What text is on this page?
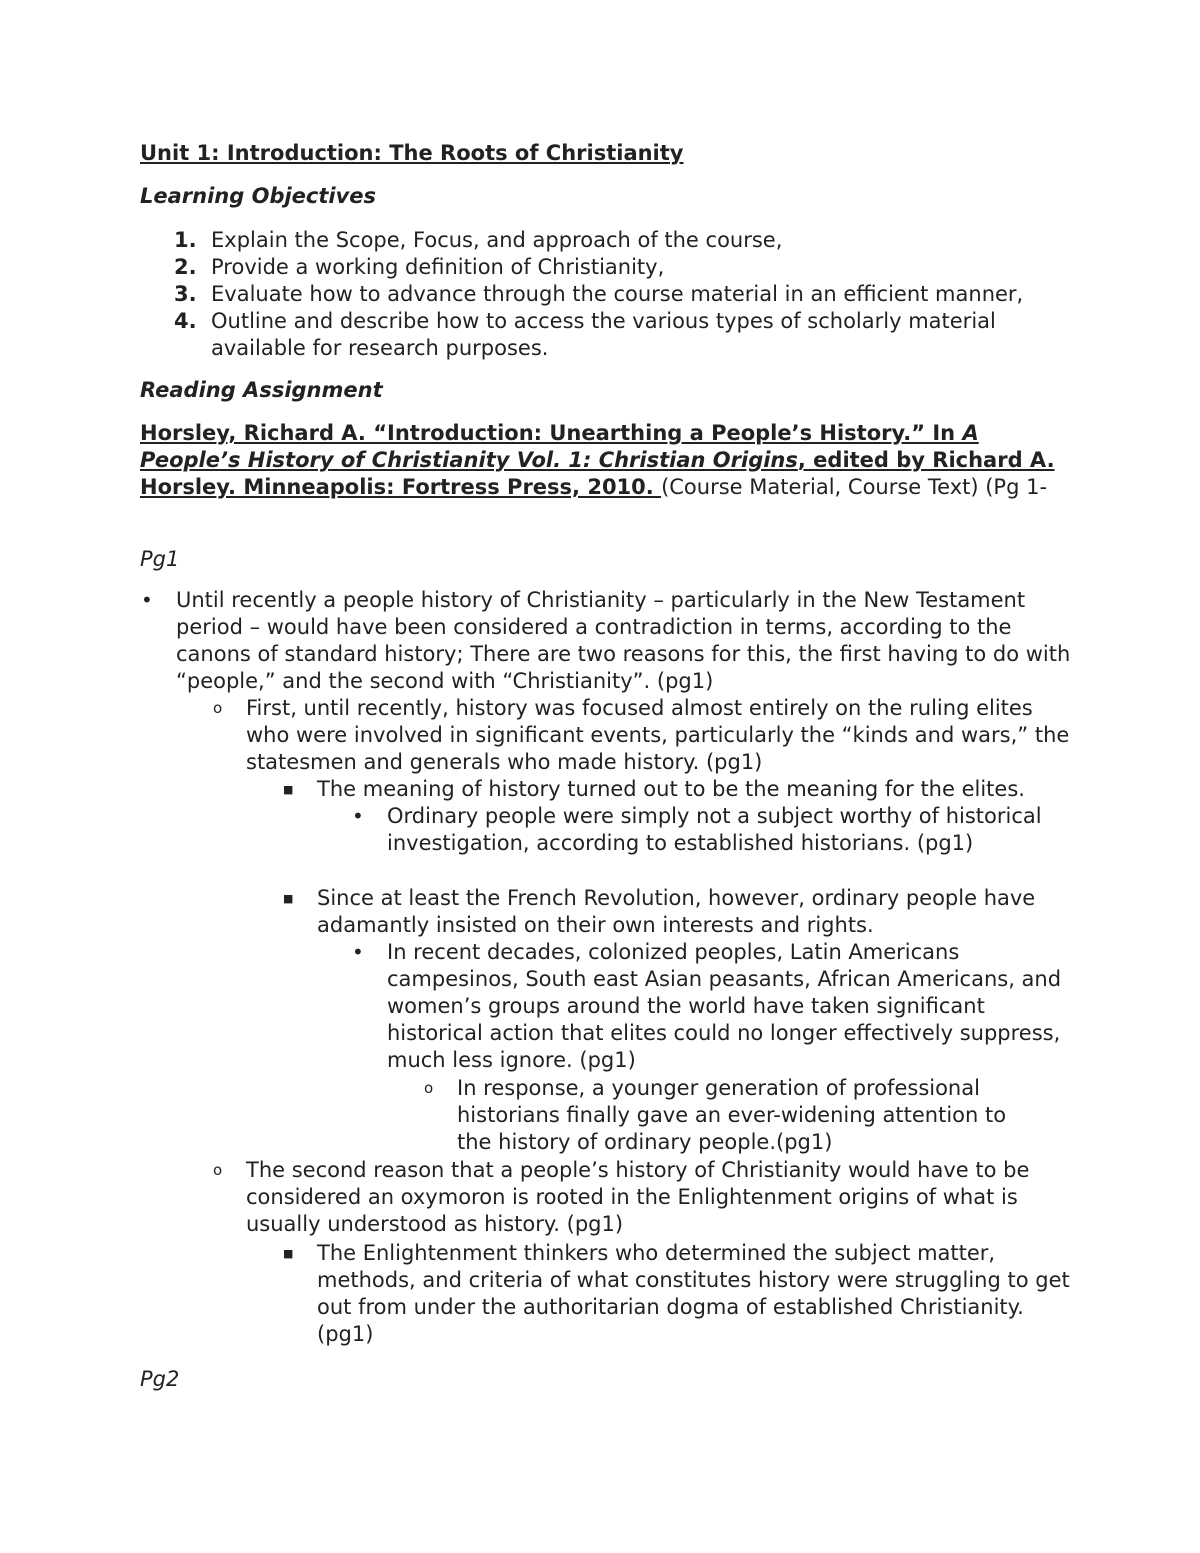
Unit 1: Introduction: The Roots of Christianity

Learning Objectives

1. Explain the Scope, Focus, and approach of the course,
2. Provide a working definition of Christianity,
3. Evaluate how to advance through the course material in an efficient manner,
4. Outline and describe how to access the various types of scholarly material available for research purposes.

Reading Assignment

Horsley, Richard A. “Introduction: Unearthing a People’s History.” In A People’s History of Christianity Vol. 1: Christian Origins, edited by Richard A. Horsley. Minneapolis: Fortress Press, 2010. (Course Material, Course Text) (Pg 1-

Pg1

• Until recently a people history of Christianity – particularly in the New Testament period – would have been considered a contradiction in terms, according to the canons of standard history; There are two reasons for this, the first having to do with “people,” and the second with “Christianity”. (pg1)
o First, until recently, history was focused almost entirely on the ruling elites who were involved in significant events, particularly the “kinds and wars,” the statesmen and generals who made history. (pg1)
■ The meaning of history turned out to be the meaning for the elites.
• Ordinary people were simply not a subject worthy of historical investigation, according to established historians. (pg1)
■ Since at least the French Revolution, however, ordinary people have adamantly insisted on their own interests and rights.
• In recent decades, colonized peoples, Latin Americans campesinos, South east Asian peasants, African Americans, and women’s groups around the world have taken significant historical action that elites could no longer effectively suppress, much less ignore. (pg1)
o In response, a younger generation of professional historians finally gave an ever-widening attention to the history of ordinary people.(pg1)
o The second reason that a people’s history of Christianity would have to be considered an oxymoron is rooted in the Enlightenment origins of what is usually understood as history. (pg1)
■ The Enlightenment thinkers who determined the subject matter, methods, and criteria of what constitutes history were struggling to get out from under the authoritarian dogma of established Christianity. (pg1)

Pg2
